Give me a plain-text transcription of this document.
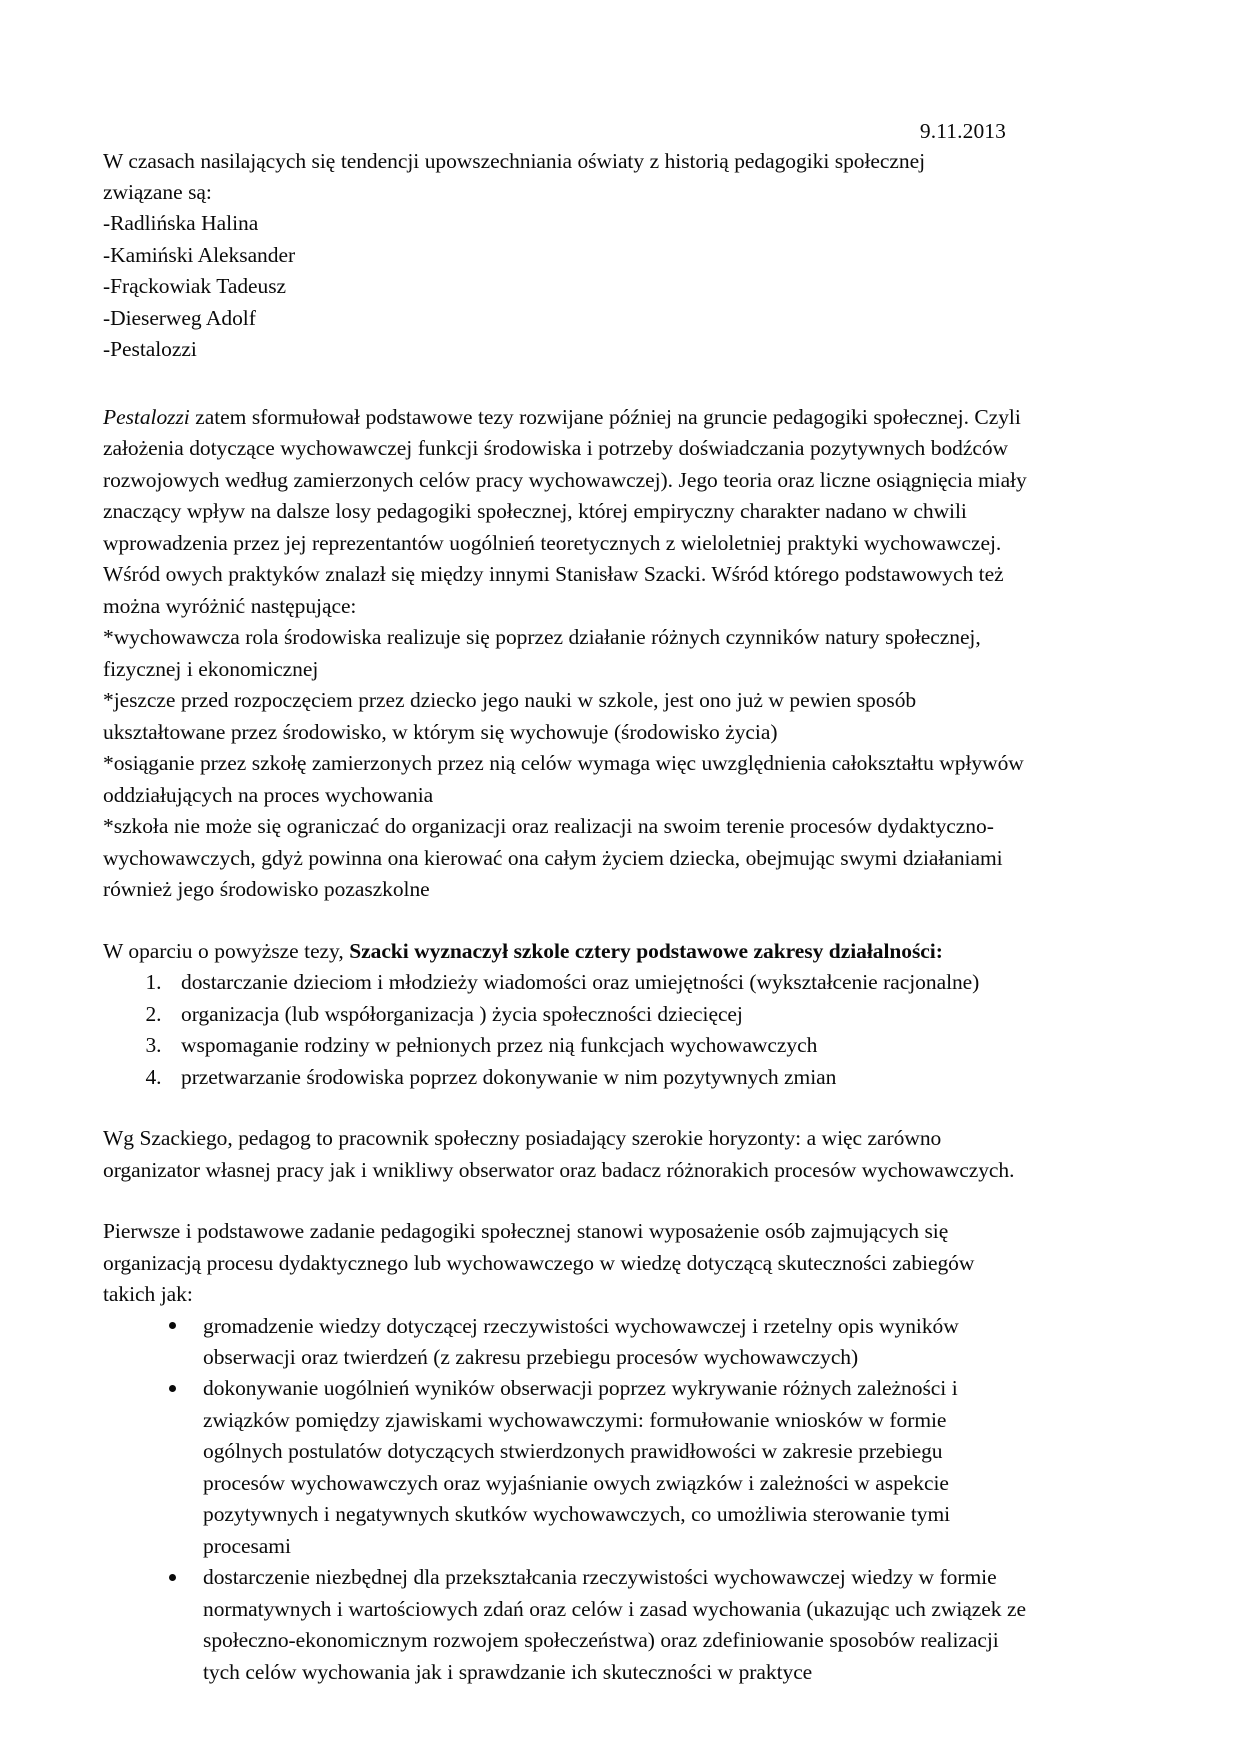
9.11.2013

W czasach nasilających się tendencji upowszechniania oświaty z historią pedagogiki społecznej

związane są:

-Radlińska Halina
-Kamiński Aleksander
-Frąckowiak Tadeusz
-Dieserweg Adolf
-Pestalozzi

Pestalozzi zatem sformułował podstawowe tezy rozwijane później na gruncie pedagogiki społecznej. Czyli założenia dotyczące wychowawczej funkcji środowiska i potrzeby doświadczania pozytywnych bodźców rozwojowych według zamierzonych celów pracy wychowawczej). Jego teoria oraz liczne osiągnięcia miały znaczący wpływ na dalsze losy pedagogiki społecznej, której empiryczny charakter nadano w chwili wprowadzenia przez jej reprezentantów uogólnień teoretycznych z wieloletniej praktyki wychowawczej. Wśród owych praktyków znalazł się między innymi Stanisław Szacki. Wśród którego podstawowych też można wyróżnić następujące:

*wychowawcza rola środowiska realizuje się poprzez działanie różnych czynników natury społecznej, fizycznej i ekonomicznej

*jeszcze przed rozpoczęciem przez dziecko jego nauki w szkole, jest ono już w pewien sposób ukształtowane przez środowisko, w którym się wychowuje (środowisko życia)

*osiąganie przez szkołę zamierzonych przez nią celów wymaga więc uwzględnienia całokształtu wpływów oddziałujących na proces wychowania

*szkoła nie może się ograniczać do organizacji oraz realizacji na swoim terenie procesów dydaktyczno-wychowawczych, gdyż powinna ona kierować ona całym życiem dziecka, obejmując swymi działaniami również jego środowisko pozaszkolne

W oparciu o powyższe tezy, Szacki wyznaczył szkole cztery podstawowe zakresy działalności:

1. dostarczanie dzieciom i młodzieży wiadomości oraz umiejętności (wykształcenie racjonalne)
2. organizacja (lub współorganizacja ) życia społeczności dziecięcej
3. wspomaganie rodziny w pełnionych przez nią funkcjach wychowawczych
4. przetwarzanie środowiska poprzez dokonywanie w nim pozytywnych zmian

Wg Szackiego, pedagog to pracownik społeczny posiadający szerokie horyzonty: a więc zarówno organizator własnej pracy jak i wnikliwy obserwator oraz badacz różnorakich procesów wychowawczych.

Pierwsze i podstawowe zadanie pedagogiki społecznej stanowi wyposażenie osób zajmujących się organizacją procesu dydaktycznego lub wychowawczego w wiedzę dotyczącą skuteczności zabiegów takich jak:

gromadzenie wiedzy dotyczącej rzeczywistości wychowawczej i rzetelny opis wyników obserwacji oraz twierdzeń (z zakresu przebiegu procesów wychowawczych)
dokonywanie uogólnień wyników obserwacji poprzez wykrywanie różnych zależności i związków pomiędzy zjawiskami wychowawczymi: formułowanie wniosków w formie ogólnych postulatów dotyczących stwierdzonych prawidłowości w zakresie przebiegu procesów wychowawczych oraz wyjaśnianie owych związków i zależności w aspekcie pozytywnych i negatywnych skutków wychowawczych, co umożliwia sterowanie tymi procesami
dostarczenie niezbędnej dla przekształcania rzeczywistości wychowawczej wiedzy w formie normatywnych i wartościowych zdań oraz celów i zasad wychowania (ukazując uch związek ze społeczno-ekonomicznym rozwojem społeczeństwa) oraz zdefiniowanie sposobów realizacji tych celów wychowania jak i sprawdzanie ich skuteczności w praktyce
